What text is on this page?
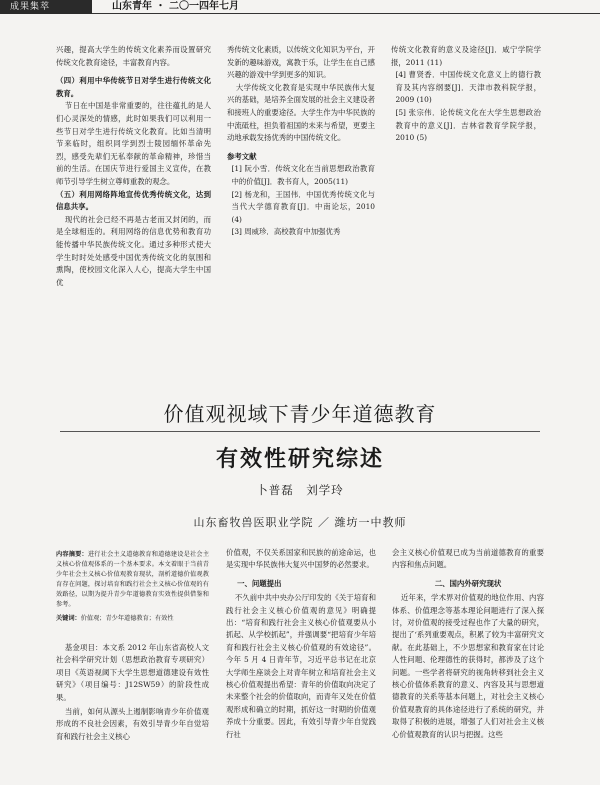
成果集萃	山东青年 ・ 二〇一四年七月

兴趣，提高大学生的传统文化素养而设置研究传统文化教育途径，丰富教育内容。

（四）利用中华传统节日对学生进行传统文化教育。

节日在中国是非常重要的，往往蕴扎的是人们心灵深处的情感，此时如果我们可以利用一些节日对学生进行传统文化教育。比如当清明节来临时，组织同学到烈士陵园缅怀革命先烈，感受先辈们无私奉献的革命精神，珍惜当前的生活。在国庆节进行爱国主义宣传，在教师节引导学生树立尊师重教的观念。

（五）利用网络阵地宣传优秀传统文化，达到信息共享。

现代的社会已经不再是古老而又封闭的，而是全球相连的。利用网络的信息优势和教育功能传播中华民族传统文化。通过多种形式使大学生时时处处感受中国优秀传统文化的氛围和熏陶，使校园文化深入人心，提高大学生中国优

秀传统文化素质，以传统文化知识为平台，开发新的趣味游戏，寓教于乐，让学生在自己感兴趣的游戏中学到更多的知识。

大学传统文化教育是实现中华民族伟大复兴的基础，是培养全面发展的社会主义建设者和接班人的重要途径。大学生作为中华民族的中流砥柱，担负着祖国的未来与希望，更要主动地承载发扬优秀的中国传统文化。

参考文献

[1] 阮小雪．传统文化在当前思想政治教育中的价值[J]．教书育人，2005(11)

[2] 杨龙和，王国伟．中国优秀传统文化与当代大学德育教育[J]．中南论坛，2010 (4)

[3] 周威珍．高校教育中加强优秀

传统文化教育的意义及途径[J]．咸宁学院学报，2011 (11)

[4] 曹贤香．中国传统文化意义上的德行教育及其内容纲要[J]．天津市教科院学报，2009 (10)

[5] 张宗伟．论传统文化在大学生思想政治教育中的意义[J]．吉林省教育学院学报，2010 (5)

价值观视域下青少年道德教育
有效性研究综述
卜普磊　刘学玲
山东畜牧兽医职业学院 ／ 潍坊一中教师

内容摘要：进行社会主义道德教育和道德建设是社会主义核心价值观体系的一个基本要求。本文着眼于当前青少年社会主义核心价值观教育现状，剖析道德价值观教育存在问题，探讨培育和践行社会主义核心价值观的有效路径，以期为提升青少年道德教育实效性提供借鉴和参考。

关键词：价值观；青少年道德教育；有效性

基金项目：本文系 2012 年山东省高校人文社会科学研究计划（思想政治教育专项研究）项目《英语视阈下大学生思想道德建设有效性研究》（项目编号：J12SW59）的阶段性成果。

当前，如何从源头上遏制影响青少年价值观形成的不良社会因素，有效引导青少年自觉培育和践行社会主义核心

价值观，不仅关系国家和民族的前途命运，也是实现中华民族伟大复兴中国梦的必然要求。

一、问题提出

不久前中共中央办公厅印发的《关于培育和践行社会主义核心价值观的意见》明确提出：“培育和践行社会主义核心价值观要从小抓起、从学校抓起”，并强调要“把培育少年培育和践行社会主义核心价值观的有效途径”。今年 5 月 4 日青年节，习近平总书记在北京大学师生座谈会上对青年树立和培育社会主义核心价值观提出希望：青年的价值取向决定了未来整个社会的价值取向，而青年又处在价值观形成和确立的时期，抓好这一时期的价值观养成十分重要。因此，有效引导青少年自觉践行社

会主义核心价值观已成为当前道德教育的重要内容和焦点问题。

二、国内外研究现状

近年来，学术界对价值观的地位作用、内容体系、价值理念等基本理论问题进行了深入探讨，对价值观的接受过程也作了大量的研究，提出了‘系列重要观点，积累了较为丰富研究文献。在此基础上，不少思想家和教育家在讨论人性问题、伦理德性的获得时，都涉及了这个问题。一些学者将研究的视角转移到社会主义核心价值体系教育的意义、内容及其与思想道德教育的关系等基本问题上，对社会主义核心价值观教育的具体途径进行了系统的研究，并取得了积极的进展，增强了人们对社会主义核心价值观教育的认识与把握。这些
